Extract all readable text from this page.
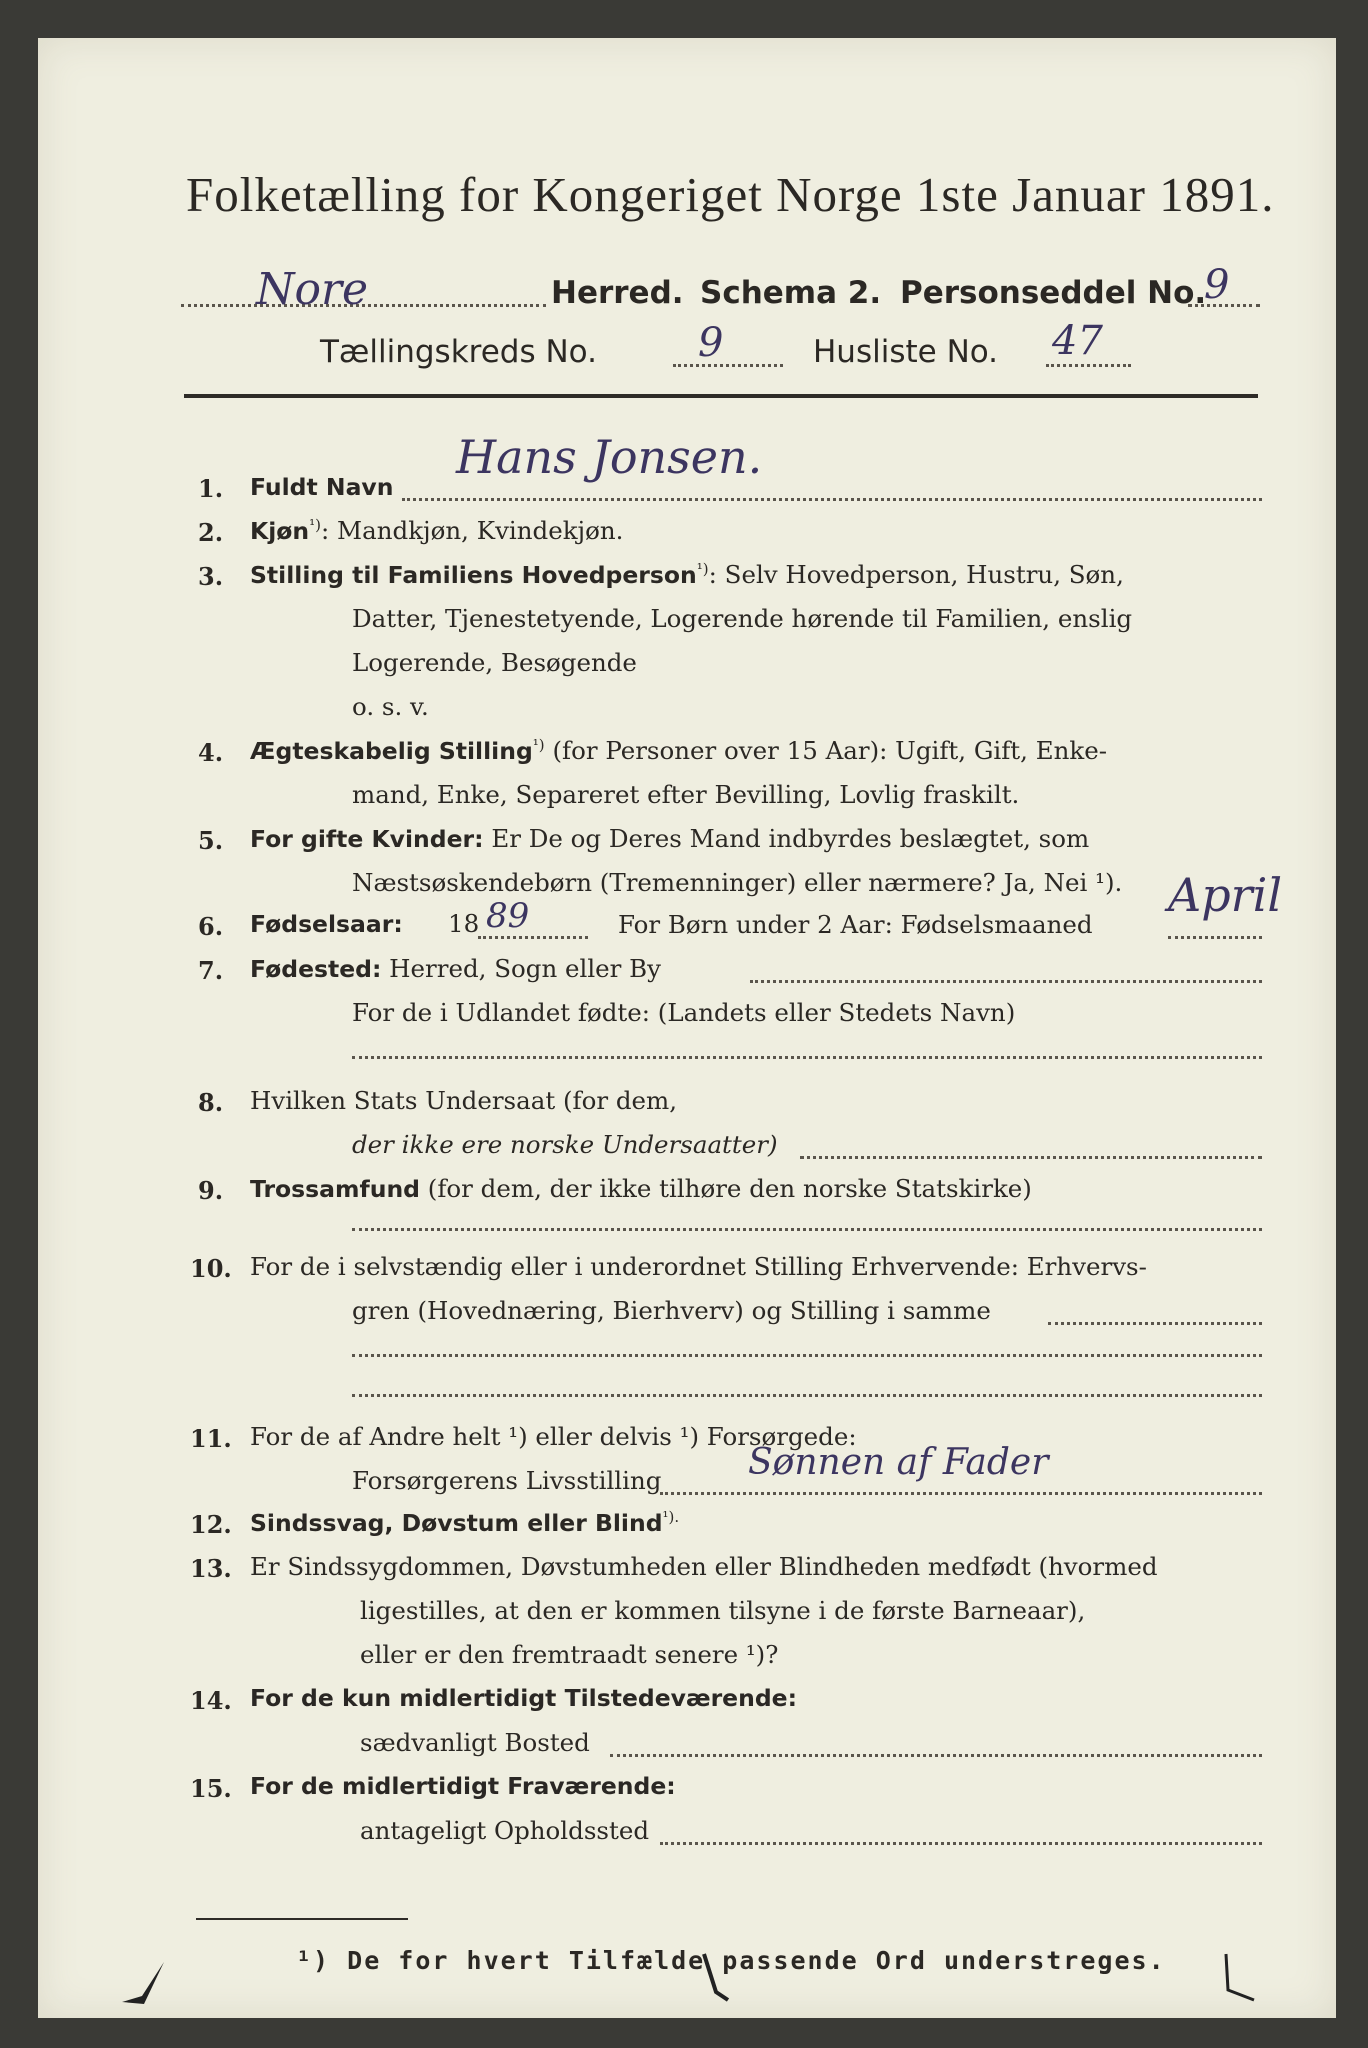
Folketælling for Kongeriget Norge 1ste Januar 1891.
Nore	Herred. Schema 2. Personseddel No.
9
Tællingskreds No.	9	Husliste No. 47
1. Fuldt Navn
Hans Jonsen.
2. Kjøn$^{^1)}$: Mandkjøn, Kvindekjøn.
3. Stilling til Familiens Hovedperson$^{^1)}$: Selv Hovedperson, Hustru, Søn,
Datter, Tjenestetyende, Logerende hørende til Familien, enslig
Logerende, Besøgende
o. s. v.
4. Ægteskabelig Stilling$^{^1)}$ (for Personer over 15 Aar): Ugift, Gift, Enke-
mand, Enke, Separeret efter Bevilling, Lovlig fraskilt.
5. For gifte Kvinder: Er De og Deres Mand indbyrdes beslægtet, som
Næstsøskendebørn (Tremenninger) eller nærmere? Ja, Nei ¹).
6. Fødselsaar: 18 89	For Børn under 2 Aar: Fødselsmaaned
April
7. Fødested: Herred, Sogn eller By
For de i Udlandet fødte: (Landets eller Stedets Navn)
8. Hvilken Stats Undersaat (for dem,
der ikke ere norske Undersaatter)
9. Trossamfund (for dem, der ikke tilhøre den norske Statskirke)
10. For de i selvstændig eller i underordnet Stilling Erhvervende: Erhvervs-
gren (Hovednæring, Bierhverv) og Stilling i samme
11. For de af Andre helt ¹) eller delvis ¹) Forsørgede:
Forsørgerens Livsstilling Sønnen af Fader
12. Sindssvag, Døvstum eller Blind$^{^1).}$
13. Er Sindssygdommen, Døvstumheden eller Blindheden medfødt (hvormed
ligestilles, at den er kommen tilsyne i de første Barneaar),
eller er den fremtraadt senere ¹)?
14. For de kun midlertidigt Tilstedeværende:
sædvanligt Bosted
15. For de midlertidigt Fraværende:
antageligt Opholdssted
¹) De for hvert Tilfælde passende Ord understreges.
